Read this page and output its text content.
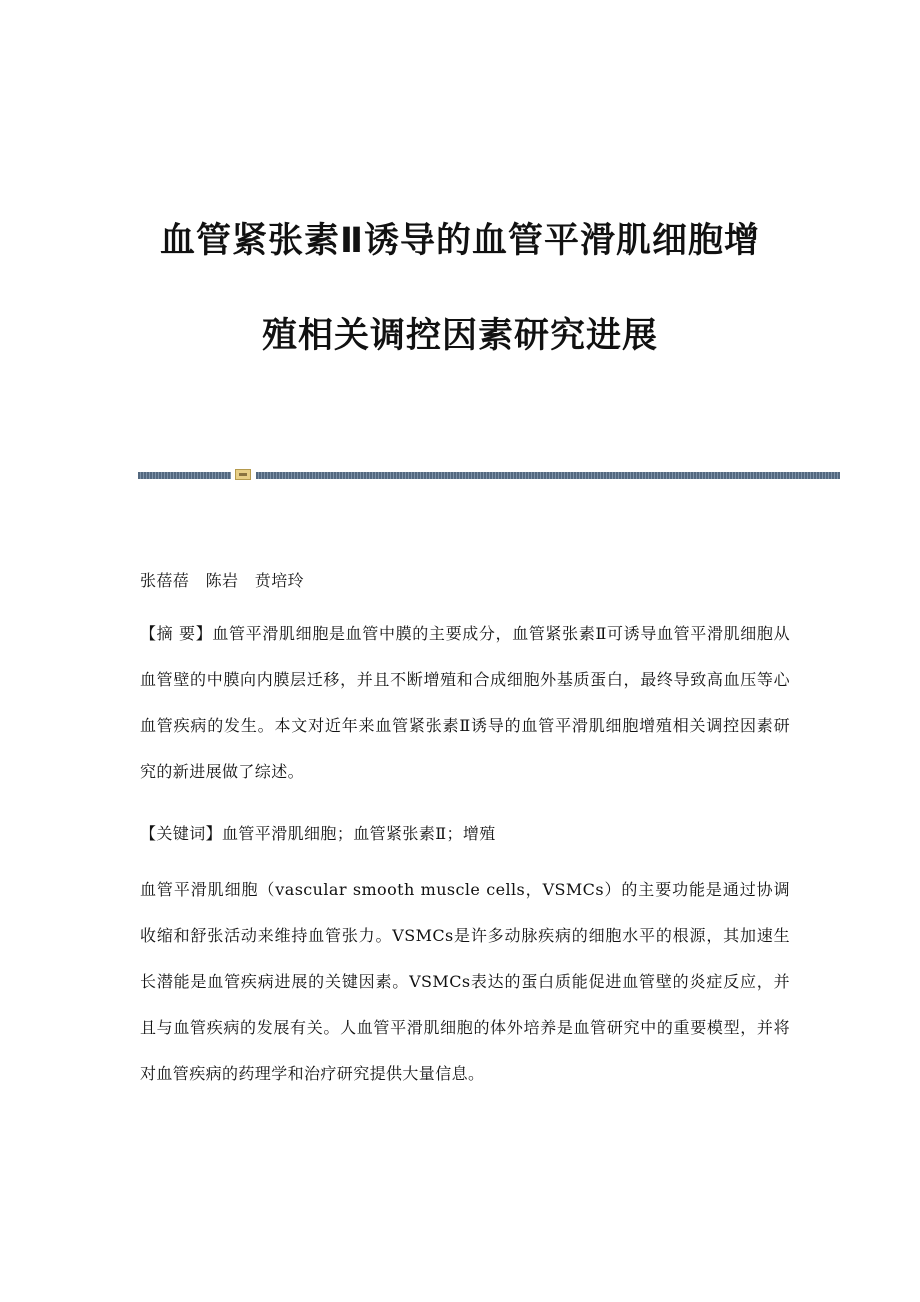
血管紧张素Ⅱ诱导的血管平滑肌细胞增
殖相关调控因素研究进展

张蓓蓓　陈岩　贲培玲

【摘 要】血管平滑肌细胞是血管中膜的主要成分，血管紧张素Ⅱ可诱导血管平滑肌细胞从血管壁的中膜向内膜层迁移，并且不断增殖和合成细胞外基质蛋白，最终导致高血压等心血管疾病的发生。本文对近年来血管紧张素Ⅱ诱导的血管平滑肌细胞增殖相关调控因素研究的新进展做了综述。

【关键词】血管平滑肌细胞；血管紧张素Ⅱ；增殖

血管平滑肌细胞（vascular smooth muscle cells，VSMCs）的主要功能是通过协调收缩和舒张活动来维持血管张力。VSMCs是许多动脉疾病的细胞水平的根源，其加速生长潜能是血管疾病进展的关键因素。VSMCs表达的蛋白质能促进血管壁的炎症反应，并且与血管疾病的发展有关。人血管平滑肌细胞的体外培养是血管研究中的重要模型，并将对血管疾病的药理学和治疗研究提供大量信息。
